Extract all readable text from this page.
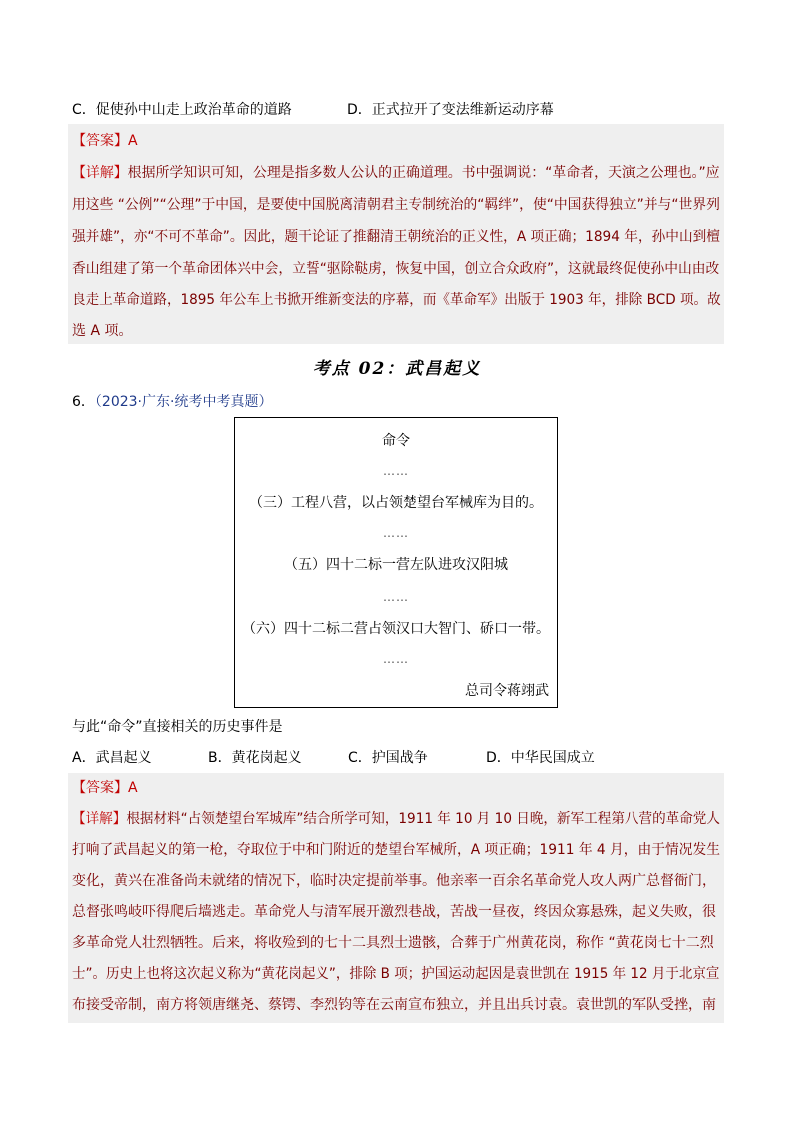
C．促使孙中山走上政治革命的道路	D．正式拉开了变法维新运动序幕
【答案】A
【详解】根据所学知识可知，公理是指多数人公认的正确道理。书中强调说：“革命者，天演之公理也。”应
用这些 “公例”“公理”于中国，是要使中国脱离清朝君主专制统治的“羁绊”，使“中国获得独立”并与“世界列
强并雄”，亦“不可不革命”。因此，题干论证了推翻清王朝统治的正义性，A 项正确；1894 年，孙中山到檀
香山组建了第一个革命团体兴中会，立誓“驱除鞑虏，恢复中国，创立合众政府”，这就最终促使孙中山由改
良走上革命道路，1895 年公车上书掀开维新变法的序幕，而《革命军》出版于 1903 年，排除 BCD 项。故
选 A 项。
考点 02：武昌起义
6．（2023·广东·统考中考真题）
命令
……
（三）工程八营，以占领楚望台军械库为目的。
……
（五）四十二标一营左队进攻汉阳城
……
（六）四十二标二营占领汉口大智门、硚口一带。
……
总司令蒋翊武
与此“命令”直接相关的历史事件是
A．武昌起义	B．黄花岗起义	C．护国战争	D．中华民国成立
【答案】A
【详解】根据材料“占领楚望台军城库”结合所学可知，1911 年 10 月 10 日晚，新军工程第八营的革命党人
打响了武昌起义的第一枪，夺取位于中和门附近的楚望台军械所，A 项正确；1911 年 4 月，由于情况发生
变化，黄兴在准备尚未就绪的情况下，临时决定提前举事。他亲率一百余名革命党人攻人两广总督衙门，
总督张鸣岐吓得爬后墙逃走。革命党人与清军展开激烈巷战，苦战一昼夜，终因众寡悬殊，起义失败，很
多革命党人壮烈牺牲。后来，将收殓到的七十二具烈士遗骸，合葬于广州黄花岗，称作 “黄花岗七十二烈
士”。历史上也将这次起义称为“黄花岗起义”，排除 B 项；护国运动起因是袁世凯在 1915 年 12 月于北京宣
布接受帝制，南方将领唐继尧、蔡锷、李烈钧等在云南宣布独立，并且出兵讨袁。袁世凯的军队受挫，南
